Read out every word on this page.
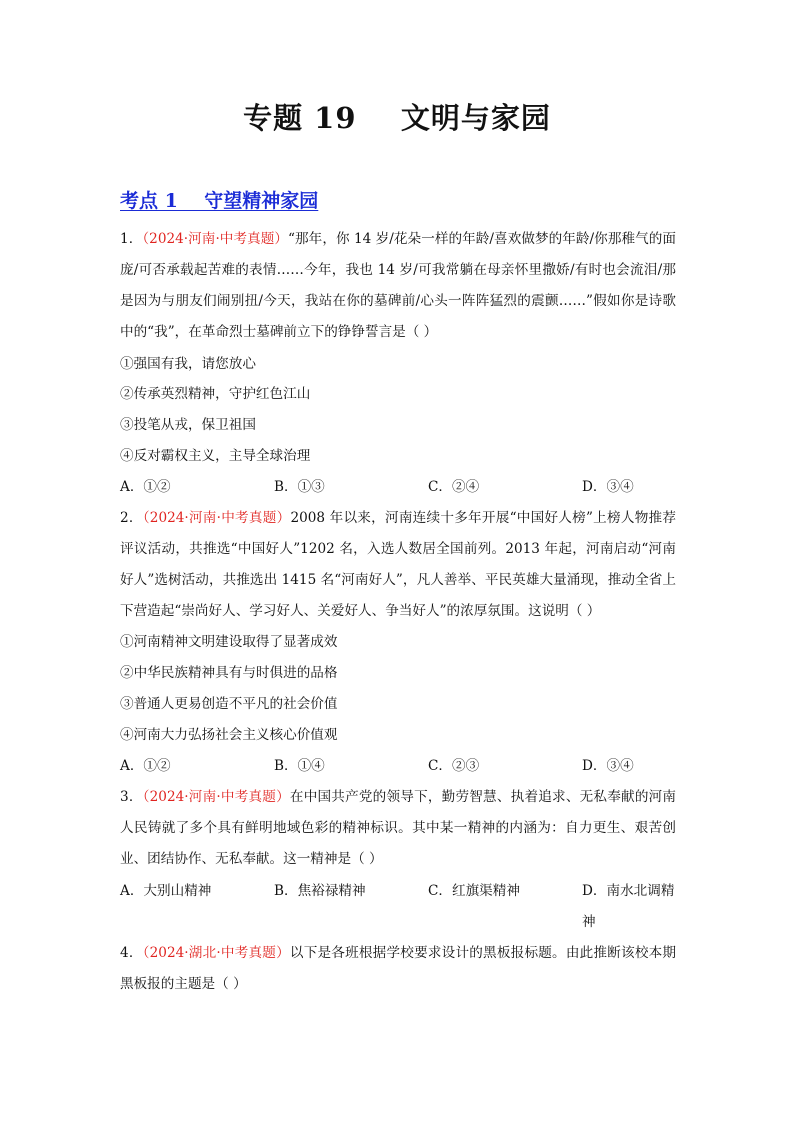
专题 19    文明与家园
考点 1    守望精神家园
1．（2024·河南·中考真题）“那年，你 14 岁/花朵一样的年龄/喜欢做梦的年龄/你那稚气的面庞/可否承载起苦难的表情……今年，我也 14 岁/可我常躺在母亲怀里撒娇/有时也会流泪/那是因为与朋友们闹别扭/今天，我站在你的墓碑前/心头一阵阵猛烈的震颤……”假如你是诗歌中的“我”，在革命烈士墓碑前立下的铮铮誓言是（ ）
①强国有我，请您放心
②传承英烈精神，守护红色江山
③投笔从戎，保卫祖国
④反对霸权主义，主导全球治理
A．①②	B．①③	C．②④	D．③④
2．（2024·河南·中考真题）2008 年以来，河南连续十多年开展“中国好人榜”上榜人物推荐评议活动，共推选“中国好人”1202 名，入选人数居全国前列。2013 年起，河南启动“河南好人”选树活动，共推选出 1415 名“河南好人”，凡人善举、平民英雄大量涌现，推动全省上下营造起“崇尚好人、学习好人、关爱好人、争当好人”的浓厚氛围。这说明（ ）
①河南精神文明建设取得了显著成效
②中华民族精神具有与时俱进的品格
③普通人更易创造不平凡的社会价值
④河南大力弘扬社会主义核心价值观
A．①②	B．①④	C．②③	D．③④
3．（2024·河南·中考真题）在中国共产党的领导下，勤劳智慧、执着追求、无私奉献的河南人民铸就了多个具有鲜明地域色彩的精神标识。其中某一精神的内涵为：自力更生、艰苦创业、团结协作、无私奉献。这一精神是（ ）
A．大别山精神	B．焦裕禄精神	C．红旗渠精神	D．南水北调精神
4．（2024·湖北·中考真题）以下是各班根据学校要求设计的黑板报标题。由此推断该校本期黑板报的主题是（ ）
